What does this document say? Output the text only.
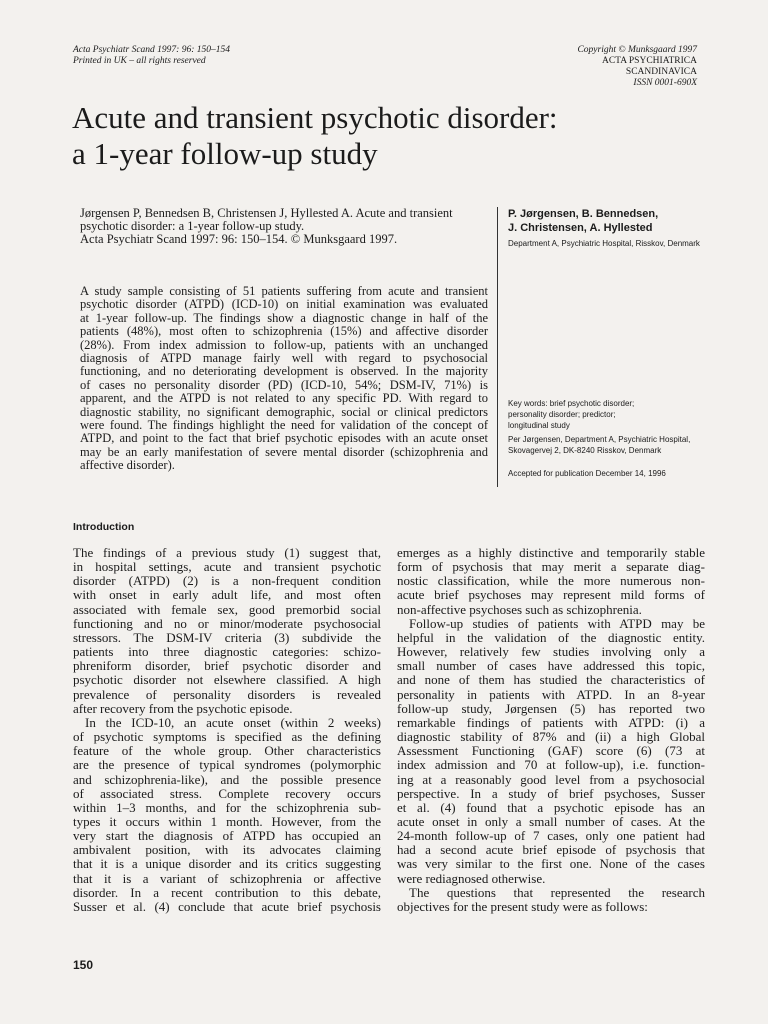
Acta Psychiatr Scand 1997: 96: 150–154
Printed in UK – all rights reserved
Copyright © Munksgaard 1997
ACTA PSYCHIATRICA
SCANDINAVICA
ISSN 0001-690X
Acute and transient psychotic disorder:
a 1-year follow-up study
Jørgensen P, Bennedsen B, Christensen J, Hyllested A. Acute and transient
psychotic disorder: a 1-year follow-up study.
Acta Psychiatr Scand 1997: 96: 150–154. © Munksgaard 1997.
P. Jørgensen, B. Bennedsen,
J. Christensen, A. Hyllested
Department A, Psychiatric Hospital, Risskov, Denmark
A study sample consisting of 51 patients suffering from acute and transient
psychotic disorder (ATPD) (ICD-10) on initial examination was evaluated
at 1-year follow-up. The findings show a diagnostic change in half of the
patients (48%), most often to schizophrenia (15%) and affective disorder
(28%). From index admission to follow-up, patients with an unchanged
diagnosis of ATPD manage fairly well with regard to psychosocial
functioning, and no deteriorating development is observed. In the majority
of cases no personality disorder (PD) (ICD-10, 54%; DSM-IV, 71%) is
apparent, and the ATPD is not related to any specific PD. With regard to
diagnostic stability, no significant demographic, social or clinical predictors
were found. The findings highlight the need for validation of the concept of
ATPD, and point to the fact that brief psychotic episodes with an acute onset
may be an early manifestation of severe mental disorder (schizophrenia and
affective disorder).
Key words: brief psychotic disorder;
personality disorder; predictor;
longitudinal study
Per Jørgensen, Department A, Psychiatric Hospital,
Skovagervej 2, DK-8240 Risskov, Denmark
Accepted for publication December 14, 1996
Introduction
The findings of a previous study (1) suggest that,
in hospital settings, acute and transient psychotic
disorder (ATPD) (2) is a non-frequent condition
with onset in early adult life, and most often
associated with female sex, good premorbid social
functioning and no or minor/moderate psychosocial
stressors. The DSM-IV criteria (3) subdivide the
patients into three diagnostic categories: schizo-
phreniform disorder, brief psychotic disorder and
psychotic disorder not elsewhere classified. A high
prevalence of personality disorders is revealed
after recovery from the psychotic episode.
In the ICD-10, an acute onset (within 2 weeks)
of psychotic symptoms is specified as the defining
feature of the whole group. Other characteristics
are the presence of typical syndromes (polymorphic
and schizophrenia-like), and the possible presence
of associated stress. Complete recovery occurs
within 1–3 months, and for the schizophrenia sub-
types it occurs within 1 month. However, from the
very start the diagnosis of ATPD has occupied an
ambivalent position, with its advocates claiming
that it is a unique disorder and its critics suggesting
that it is a variant of schizophrenia or affective
disorder. In a recent contribution to this debate,
Susser et al. (4) conclude that acute brief psychosis
emerges as a highly distinctive and temporarily stable
form of psychosis that may merit a separate diag-
nostic classification, while the more numerous non-
acute brief psychoses may represent mild forms of
non-affective psychoses such as schizophrenia.
Follow-up studies of patients with ATPD may be
helpful in the validation of the diagnostic entity.
However, relatively few studies involving only a
small number of cases have addressed this topic,
and none of them has studied the characteristics of
personality in patients with ATPD. In an 8-year
follow-up study, Jørgensen (5) has reported two
remarkable findings of patients with ATPD: (i) a
diagnostic stability of 87% and (ii) a high Global
Assessment Functioning (GAF) score (6) (73 at
index admission and 70 at follow-up), i.e. function-
ing at a reasonably good level from a psychosocial
perspective. In a study of brief psychoses, Susser
et al. (4) found that a psychotic episode has an
acute onset in only a small number of cases. At the
24-month follow-up of 7 cases, only one patient had
had a second acute brief episode of psychosis that
was very similar to the first one. None of the cases
were rediagnosed otherwise.
The questions that represented the research
objectives for the present study were as follows:
150
